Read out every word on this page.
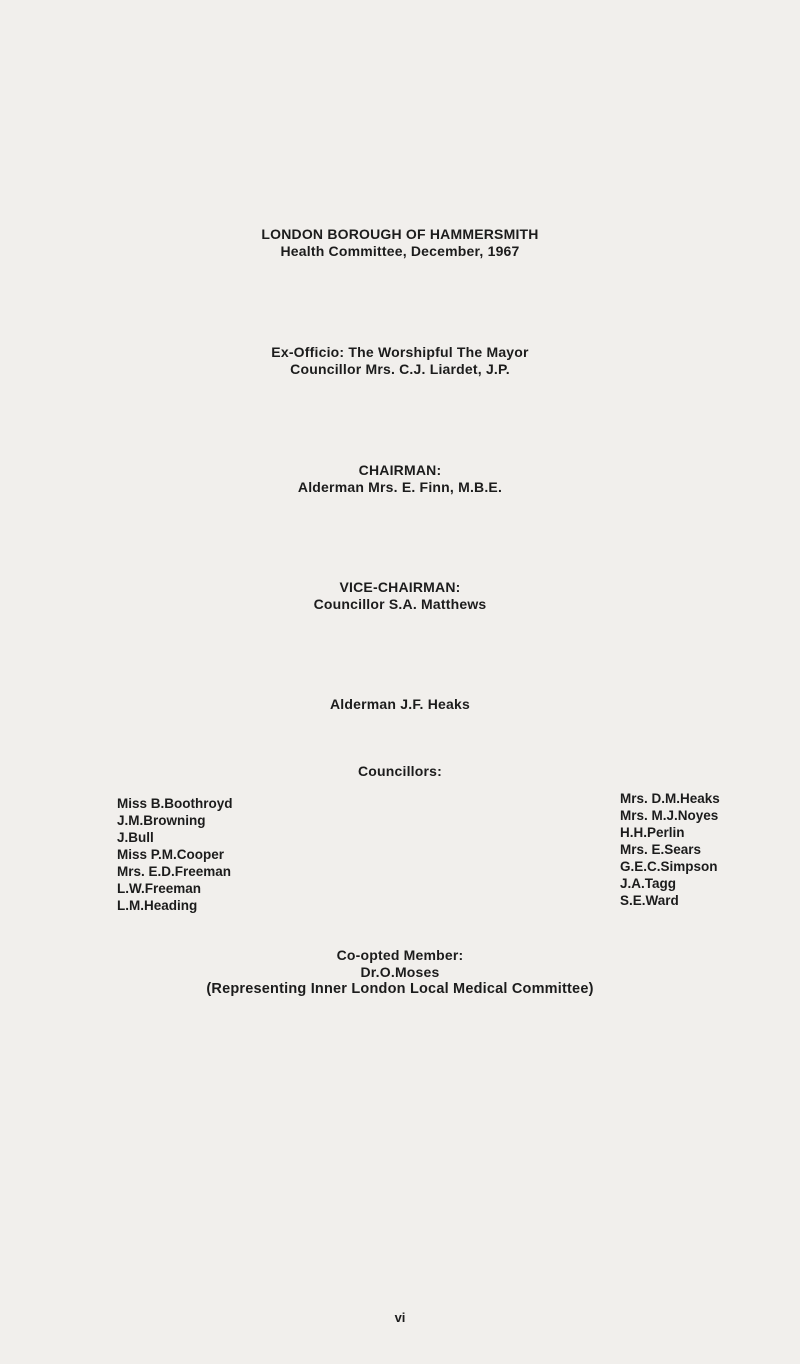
LONDON BOROUGH OF HAMMERSMITH
Health Committee, December, 1967
Ex-Officio: The Worshipful The Mayor
Councillor Mrs. C.J. Liardet, J.P.
CHAIRMAN:
Alderman Mrs. E. Finn, M.B.E.
VICE-CHAIRMAN:
Councillor S.A. Matthews
Alderman J.F. Heaks
Councillors:
Miss B.Boothroyd
J.M.Browning
J.Bull
Miss P.M.Cooper
Mrs. E.D.Freeman
L.W.Freeman
L.M.Heading
Mrs. D.M.Heaks
Mrs. M.J.Noyes
H.H.Perlin
Mrs. E.Sears
G.E.C.Simpson
J.A.Tagg
S.E.Ward
Co-opted Member:
Dr.O.Moses
(Representing Inner London Local Medical Committee)
vi
